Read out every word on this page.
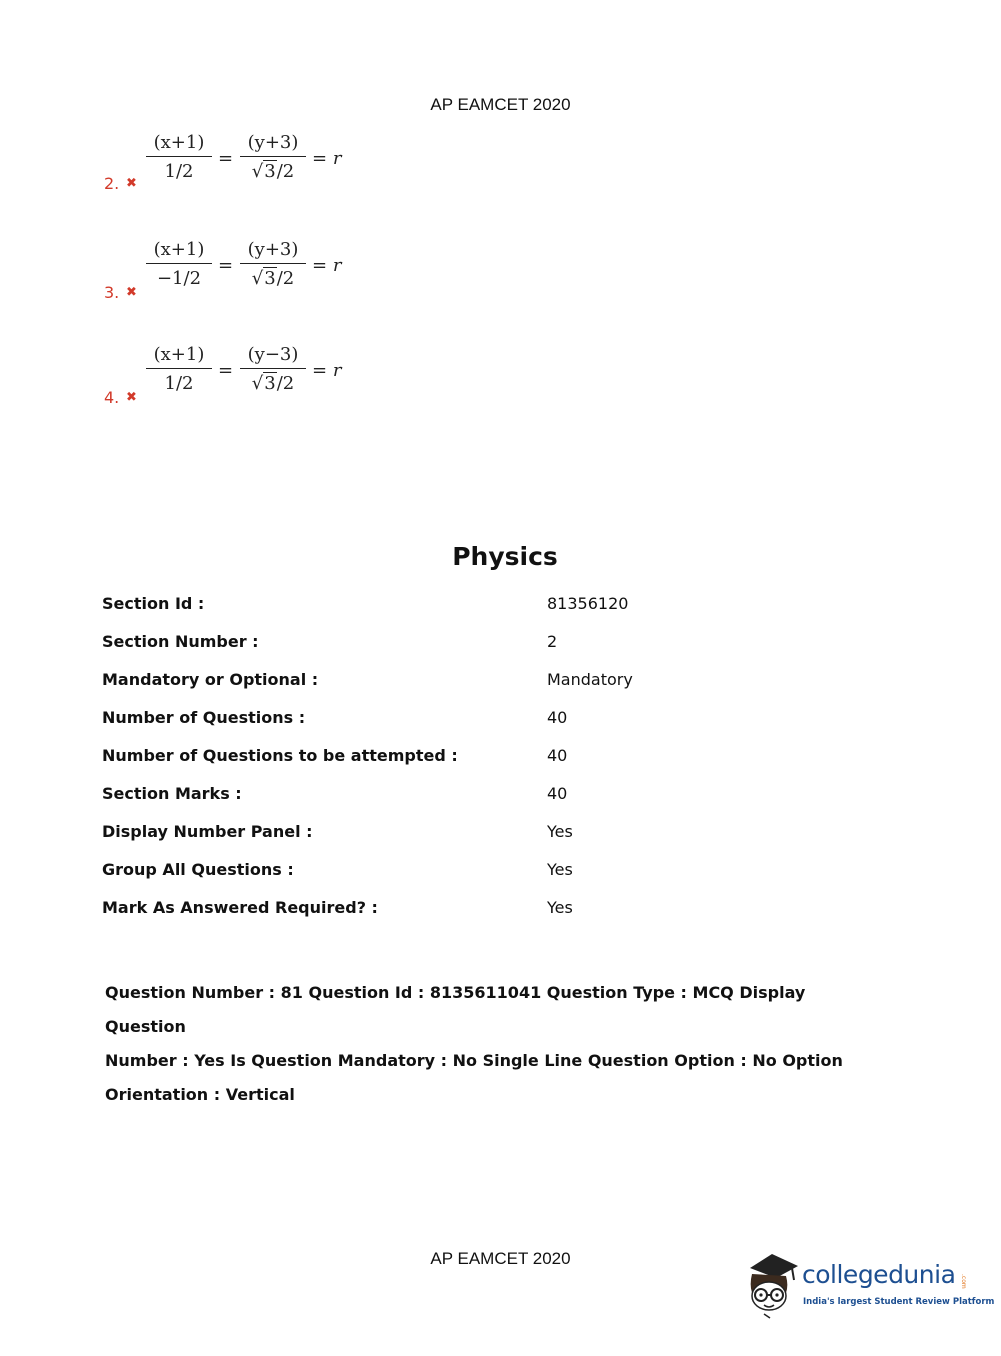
AP EAMCET 2020
2. ✖
(x+1)
1/2
=
(y+3)
√3/2
= r
3. ✖
(x+1)
−1/2
=
(y+3)
√3/2
= r
4. ✖
(x+1)
1/2
=
(y−3)
√3/2
= r
Physics
Section Id :	81356120
Section Number :	2
Mandatory or Optional :	Mandatory
Number of Questions :	40
Number of Questions to be attempted :	40
Section Marks :	40
Display Number Panel :	Yes
Group All Questions :	Yes
Mark As Answered Required? :	Yes
Question Number : 81 Question Id : 8135611041 Question Type : MCQ Display Question
Number : Yes Is Question Mandatory : No Single Line Question Option : No Option
Orientation : Vertical
AP EAMCET 2020
collegedunia .com
India's largest Student Review Platform
